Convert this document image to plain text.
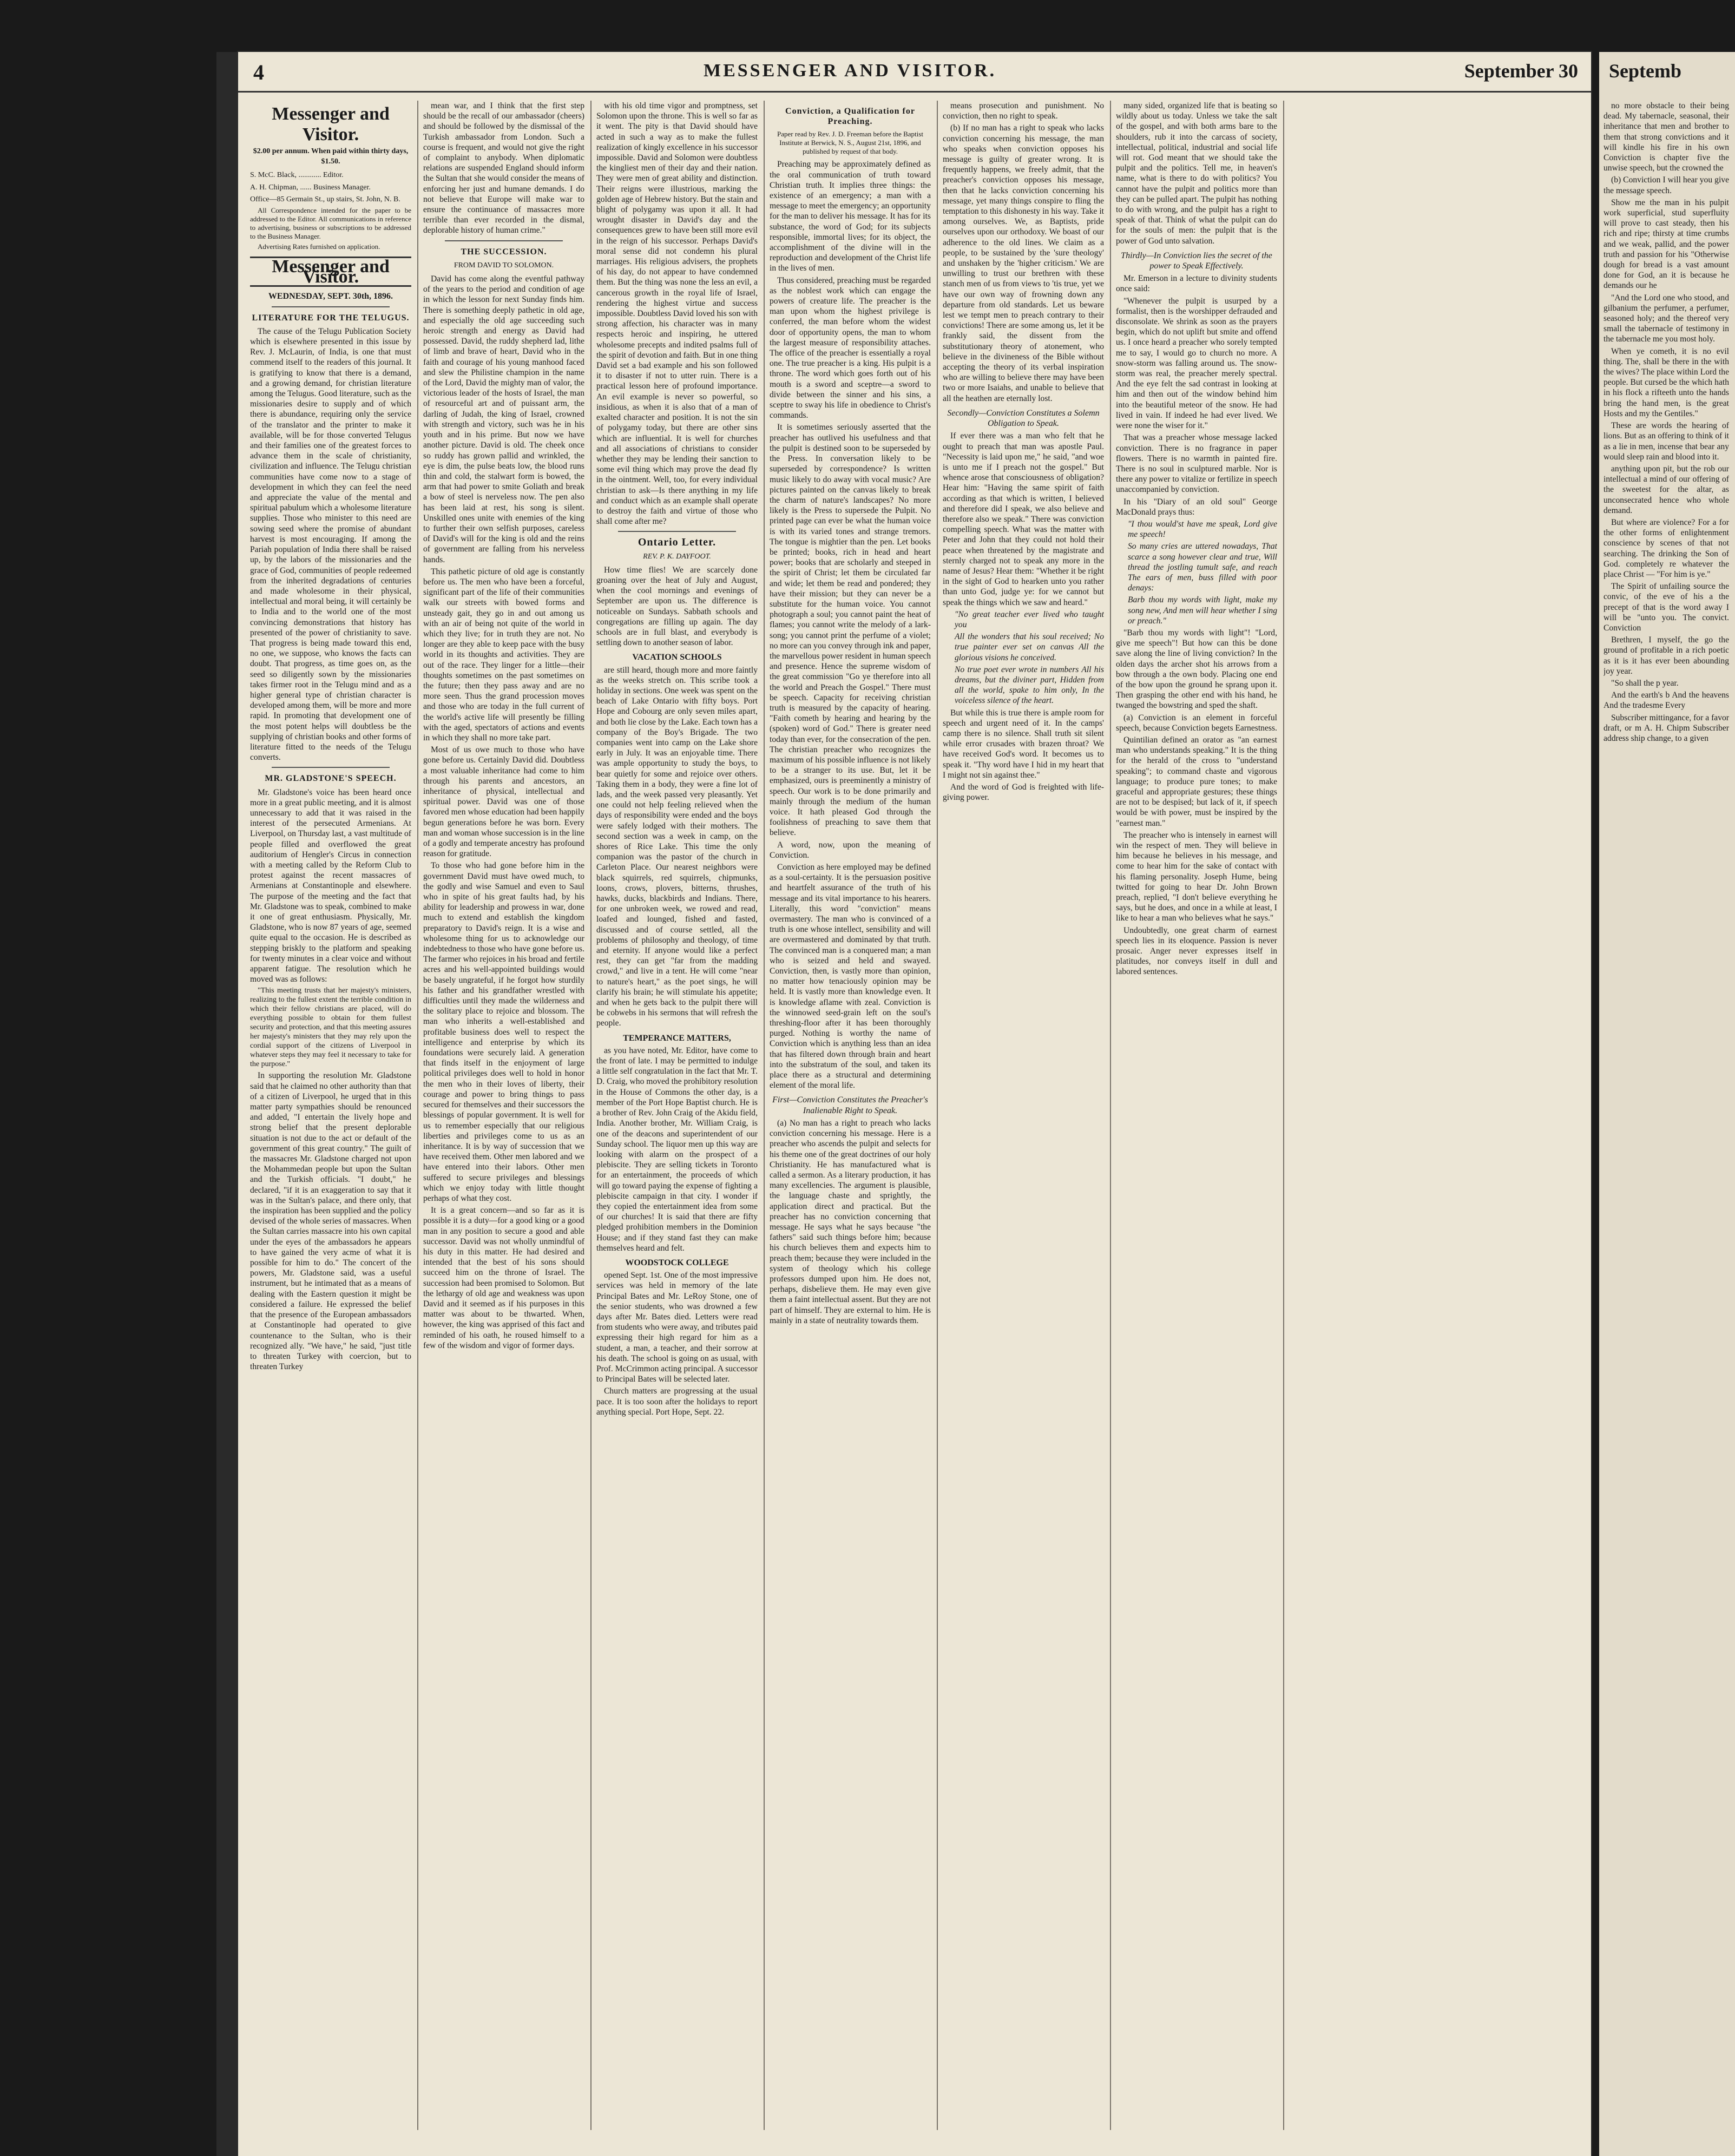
Septemb

no more obstacle to their being dead. My tabernacle, seasonal, their inheritance that men and brother to them that strong convictions and it will kindle his fire in his own Conviction is chapter five the unwise speech, but the crowned the

(b) Conviction I will hear you give the message speech.

Show me the man in his pulpit work superficial, stud superfluity will prove to cast steady, then his rich and ripe; thirsty at time crumbs and we weak, pallid, and the power truth and passion for his "Otherwise dough for bread is a vast amount done for God, an it is because he demands our he

"And the Lord one who stood, and gilbanium the perfumer, a perfumer, seasoned holy; and the thereof very small the tabernacle of testimony in the tabernacle me you most holy.

When ye cometh, it is no evil thing. The, shall be there in the with the wives? The place within Lord the people. But cursed be the which hath in his flock a rifteeth unto the hands bring the hand men, is the great Hosts and my the Gentiles."

These are words the hearing of lions. But as an offering to think of it as a lie in men, incense that bear any would sleep rain and blood into it.

anything upon pit, but the rob our intellectual a mind of our offering of the sweetest for the altar, as unconsecrated hence who whole demand.

But where are violence? For a for the other forms of enlightenment conscience by scenes of that not searching. The drinking the Son of God. completely re whatever the place Christ — "For him is ye."

The Spirit of unfailing source the convic, of the eve of his a the precept of that is the word away I will be "unto you. The convict. Conviction

Brethren, I myself, the go the ground of profitable in a rich poetic as it is it has ever been abounding joy year.

"So shall the p year.

And the earth's b And the heavens And the tradesme Every

Subscriber mittingance, for a favor draft, or m A. H. Chipm Subscriber address ship change, to a given

4	MESSENGER AND VISITOR.	September 30
Messenger and Visitor.
$2.00 per annum. When paid within thirty days, $1.50.

S. McC. Black, ............ Editor.

A. H. Chipman, ...... Business Manager.

Office—85 Germain St., up stairs, St. John, N. B.

All Correspondence intended for the paper to be addressed to the Editor. All communications in reference to advertising, business or subscriptions to be addressed to the Business Manager.

Advertising Rates furnished on application.

Messenger and Visitor.
WEDNESDAY, SEPT. 30th, 1896.
LITERATURE FOR THE TELUGUS.

The cause of the Telugu Publication Society which is elsewhere presented in this issue by Rev. J. McLaurin, of India, is one that must commend itself to the readers of this journal. It is gratifying to know that there is a demand, and a growing demand, for christian literature among the Telugus. Good literature, such as the missionaries desire to supply and of which there is abundance, requiring only the service of the translator and the printer to make it available, will be for those converted Telugus and their families one of the greatest forces to advance them in the scale of christianity, civilization and influence. The Telugu christian communities have come now to a stage of development in which they can feel the need and appreciate the value of the mental and spiritual pabulum which a wholesome literature supplies. Those who minister to this need are sowing seed where the promise of abundant harvest is most encouraging. If among the Pariah population of India there shall be raised up, by the labors of the missionaries and the grace of God, communities of people redeemed from the inherited degradations of centuries and made wholesome in their physical, intellectual and moral being, it will certainly be to India and to the world one of the most convincing demonstrations that history has presented of the power of christianity to save. That progress is being made toward this end, no one, we suppose, who knows the facts can doubt. That progress, as time goes on, as the seed so diligently sown by the missionaries takes firmer root in the Telugu mind and as a higher general type of christian character is developed among them, will be more and more rapid. In promoting that development one of the most potent helps will doubtless be the supplying of christian books and other forms of literature fitted to the needs of the Telugu converts.

MR. GLADSTONE'S SPEECH.

Mr. Gladstone's voice has been heard once more in a great public meeting, and it is almost unnecessary to add that it was raised in the interest of the persecuted Armenians. At Liverpool, on Thursday last, a vast multitude of people filled and overflowed the great auditorium of Hengler's Circus in connection with a meeting called by the Reform Club to protest against the recent massacres of Armenians at Constantinople and elsewhere. The purpose of the meeting and the fact that Mr. Gladstone was to speak, combined to make it one of great enthusiasm. Physically, Mr. Gladstone, who is now 87 years of age, seemed quite equal to the occasion. He is described as stepping briskly to the platform and speaking for twenty minutes in a clear voice and without apparent fatigue. The resolution which he moved was as follows:

"This meeting trusts that her majesty's ministers, realizing to the fullest extent the terrible condition in which their fellow christians are placed, will do everything possible to obtain for them fullest security and protection, and that this meeting assures her majesty's ministers that they may rely upon the cordial support of the citizens of Liverpool in whatever steps they may feel it necessary to take for the purpose."

In supporting the resolution Mr. Gladstone said that he claimed no other authority than that of a citizen of Liverpool, he urged that in this matter party sympathies should be renounced and added, "I entertain the lively hope and strong belief that the present deplorable situation is not due to the act or default of the government of this great country." The guilt of the massacres Mr. Gladstone charged not upon the Mohammedan people but upon the Sultan and the Turkish officials. "I doubt," he declared, "if it is an exaggeration to say that it was in the Sultan's palace, and there only, that the inspiration has been supplied and the policy devised of the whole series of massacres. When the Sultan carries massacre into his own capital under the eyes of the ambassadors he appears to have gained the very acme of what it is possible for him to do." The concert of the powers, Mr. Gladstone said, was a useful instrument, but he intimated that as a means of dealing with the Eastern question it might be considered a failure. He expressed the belief that the presence of the European ambassadors at Constantinople had operated to give countenance to the Sultan, who is their recognized ally. "We have," he said, "just title to threaten Turkey with coercion, but to threaten Turkey

mean war, and I think that the first step should be the recall of our ambassador (cheers) and should be followed by the dismissal of the Turkish ambassador from London. Such a course is frequent, and would not give the right of complaint to anybody. When diplomatic relations are suspended England should inform the Sultan that she would consider the means of enforcing her just and humane demands. I do not believe that Europe will make war to ensure the continuance of massacres more terrible than ever recorded in the dismal, deplorable history of human crime."

THE SUCCESSION.
FROM DAVID TO SOLOMON.

David has come along the eventful pathway of the years to the period and condition of age in which the lesson for next Sunday finds him. There is something deeply pathetic in old age, and especially the old age succeeding such heroic strength and energy as David had possessed. David, the ruddy shepherd lad, lithe of limb and brave of heart, David who in the faith and courage of his young manhood faced and slew the Philistine champion in the name of the Lord, David the mighty man of valor, the victorious leader of the hosts of Israel, the man of resourceful art and of puissant arm, the darling of Judah, the king of Israel, crowned with strength and victory, such was he in his youth and in his prime. But now we have another picture. David is old. The cheek once so ruddy has grown pallid and wrinkled, the eye is dim, the pulse beats low, the blood runs thin and cold, the stalwart form is bowed, the arm that had power to smite Goliath and break a bow of steel is nerveless now. The pen also has been laid at rest, his song is silent. Unskilled ones unite with enemies of the king to further their own selfish purposes, careless of David's will for the king is old and the reins of government are falling from his nerveless hands.

This pathetic picture of old age is constantly before us. The men who have been a forceful, significant part of the life of their communities walk our streets with bowed forms and unsteady gait, they go in and out among us with an air of being not quite of the world in which they live; for in truth they are not. No longer are they able to keep pace with the busy world in its thoughts and activities. They are out of the race. They linger for a little—their thoughts sometimes on the past sometimes on the future; then they pass away and are no more seen. Thus the grand procession moves and those who are today in the full current of the world's active life will presently be filling with the aged, spectators of actions and events in which they shall no more take part.

Most of us owe much to those who have gone before us. Certainly David did. Doubtless a most valuable inheritance had come to him through his parents and ancestors, an inheritance of physical, intellectual and spiritual power. David was one of those favored men whose education had been happily begun generations before he was born. Every man and woman whose succession is in the line of a godly and temperate ancestry has profound reason for gratitude.

To those who had gone before him in the government David must have owed much, to the godly and wise Samuel and even to Saul who in spite of his great faults had, by his ability for leadership and prowess in war, done much to extend and establish the kingdom preparatory to David's reign. It is a wise and wholesome thing for us to acknowledge our indebtedness to those who have gone before us. The farmer who rejoices in his broad and fertile acres and his well-appointed buildings would be basely ungrateful, if he forgot how sturdily his father and his grandfather wrestled with difficulties until they made the wilderness and the solitary place to rejoice and blossom. The man who inherits a well-established and profitable business does well to respect the intelligence and enterprise by which its foundations were securely laid. A generation that finds itself in the enjoyment of large political privileges does well to hold in honor the men who in their loves of liberty, their courage and power to bring things to pass secured for themselves and their successors the blessings of popular government. It is well for us to remember especially that our religious liberties and privileges come to us as an inheritance. It is by way of succession that we have received them. Other men labored and we have entered into their labors. Other men suffered to secure privileges and blessings which we enjoy today with little thought perhaps of what they cost.

It is a great concern—and so far as it is possible it is a duty—for a good king or a good man in any position to secure a good and able successor. David was not wholly unmindful of his duty in this matter. He had desired and intended that the best of his sons should succeed him on the throne of Israel. The succession had been promised to Solomon. But the lethargy of old age and weakness was upon David and it seemed as if his purposes in this matter was about to be thwarted. When, however, the king was apprised of this fact and reminded of his oath, he roused himself to a few of the wisdom and vigor of former days.

with his old time vigor and promptness, set Solomon upon the throne. This is well so far as it went. The pity is that David should have acted in such a way as to make the fullest realization of kingly excellence in his successor impossible. David and Solomon were doubtless the kingliest men of their day and their nation. They were men of great ability and distinction. Their reigns were illustrious, marking the golden age of Hebrew history. But the stain and blight of polygamy was upon it all. It had wrought disaster in David's day and the consequences grew to have been still more evil in the reign of his successor. Perhaps David's moral sense did not condemn his plural marriages. His religious advisers, the prophets of his day, do not appear to have condemned them. But the thing was none the less an evil, a cancerous growth in the royal life of Israel, rendering the highest virtue and success impossible. Doubtless David loved his son with strong affection, his character was in many respects heroic and inspiring, he uttered wholesome precepts and indited psalms full of the spirit of devotion and faith. But in one thing David set a bad example and his son followed it to disaster if not to utter ruin. There is a practical lesson here of profound importance. An evil example is never so powerful, so insidious, as when it is also that of a man of exalted character and position. It is not the sin of polygamy today, but there are other sins which are influential. It is well for churches and all associations of christians to consider whether they may be lending their sanction to some evil thing which may prove the dead fly in the ointment. Well, too, for every individual christian to ask—Is there anything in my life and conduct which as an example shall operate to destroy the faith and virtue of those who shall come after me?

Ontario Letter.
REV. P. K. DAYFOOT.

How time flies! We are scarcely done groaning over the heat of July and August, when the cool mornings and evenings of September are upon us. The difference is noticeable on Sundays. Sabbath schools and congregations are filling up again. The day schools are in full blast, and everybody is settling down to another season of labor.

VACATION SCHOOLS

are still heard, though more and more faintly as the weeks stretch on. This scribe took a holiday in sections. One week was spent on the beach of Lake Ontario with fifty boys. Port Hope and Cobourg are only seven miles apart, and both lie close by the Lake. Each town has a company of the Boy's Brigade. The two companies went into camp on the Lake shore early in July. It was an enjoyable time. There was ample opportunity to study the boys, to bear quietly for some and rejoice over others. Taking them in a body, they were a fine lot of lads, and the week passed very pleasantly. Yet one could not help feeling relieved when the days of responsibility were ended and the boys were safely lodged with their mothers. The second section was a week in camp, on the shores of Rice Lake. This time the only companion was the pastor of the church in Carleton Place. Our nearest neighbors were black squirrels, red squirrels, chipmunks, loons, crows, plovers, bitterns, thrushes, hawks, ducks, blackbirds and Indians. There, for one unbroken week, we rowed and read, loafed and lounged, fished and fasted, discussed and of course settled, all the problems of philosophy and theology, of time and eternity. If anyone would like a perfect rest, they can get "far from the madding crowd," and live in a tent. He will come "near to nature's heart," as the poet sings, he will clarify his brain; he will stimulate his appetite; and when he gets back to the pulpit there will be cobwebs in his sermons that will refresh the people.

TEMPERANCE MATTERS,

as you have noted, Mr. Editor, have come to the front of late. I may be permitted to indulge a little self congratulation in the fact that Mr. T. D. Craig, who moved the prohibitory resolution in the House of Commons the other day, is a member of the Port Hope Baptist church. He is a brother of Rev. John Craig of the Akidu field, India. Another brother, Mr. William Craig, is one of the deacons and superintendent of our Sunday school. The liquor men up this way are looking with alarm on the prospect of a plebiscite. They are selling tickets in Toronto for an entertainment, the proceeds of which will go toward paying the expense of fighting a plebiscite campaign in that city. I wonder if they copied the entertainment idea from some of our churches! It is said that there are fifty pledged prohibition members in the Dominion House; and if they stand fast they can make themselves heard and felt.

WOODSTOCK COLLEGE

opened Sept. 1st. One of the most impressive services was held in memory of the late Principal Bates and Mr. LeRoy Stone, one of the senior students, who was drowned a few days after Mr. Bates died. Letters were read from students who were away, and tributes paid expressing their high regard for him as a student, a man, a teacher, and their sorrow at his death. The school is going on as usual, with Prof. McCrimmon acting principal. A successor to Principal Bates will be selected later.

Church matters are progressing at the usual pace. It is too soon after the holidays to report anything special. Port Hope, Sept. 22.

Conviction, a Qualification for Preaching.
Paper read by Rev. J. D. Freeman before the Baptist Institute at Berwick, N. S., August 21st, 1896, and published by request of that body.

Preaching may be approximately defined as the oral communication of truth toward Christian truth. It implies three things: the existence of an emergency; a man with a message to meet the emergency; an opportunity for the man to deliver his message. It has for its substance, the word of God; for its subjects responsible, immortal lives; for its object, the accomplishment of the divine will in the reproduction and development of the Christ life in the lives of men.

Thus considered, preaching must be regarded as the noblest work which can engage the powers of creature life. The preacher is the man upon whom the highest privilege is conferred, the man before whom the widest door of opportunity opens, the man to whom the largest measure of responsibility attaches. The office of the preacher is essentially a royal one. The true preacher is a king. His pulpit is a throne. The word which goes forth out of his mouth is a sword and sceptre—a sword to divide between the sinner and his sins, a sceptre to sway his life in obedience to Christ's commands.

It is sometimes seriously asserted that the preacher has outlived his usefulness and that the pulpit is destined soon to be superseded by the Press. In conversation likely to be superseded by correspondence? Is written music likely to do away with vocal music? Are pictures painted on the canvas likely to break the charm of nature's landscapes? No more likely is the Press to supersede the Pulpit. No printed page can ever be what the human voice is with its varied tones and strange tremors. The tongue is mightier than the pen. Let books be printed; books, rich in head and heart power; books that are scholarly and steeped in the spirit of Christ; let them be circulated far and wide; let them be read and pondered; they have their mission; but they can never be a substitute for the human voice. You cannot photograph a soul; you cannot paint the heat of flames; you cannot write the melody of a lark-song; you cannot print the perfume of a violet; no more can you convey through ink and paper, the marvellous power resident in human speech and presence. Hence the supreme wisdom of the great commission "Go ye therefore into all the world and Preach the Gospel." There must be speech. Capacity for receiving christian truth is measured by the capacity of hearing. "Faith cometh by hearing and hearing by the (spoken) word of God." There is greater need today than ever, for the consecration of the pen. The christian preacher who recognizes the maximum of his possible influence is not likely to be a stranger to its use. But, let it be emphasized, ours is preeminently a ministry of speech. Our work is to be done primarily and mainly through the medium of the human voice. It hath pleased God through the foolishness of preaching to save them that believe.

A word, now, upon the meaning of Conviction.

Conviction as here employed may be defined as a soul-certainty. It is the persuasion positive and heartfelt assurance of the truth of his message and its vital importance to his hearers. Literally, this word "conviction" means overmastery. The man who is convinced of a truth is one whose intellect, sensibility and will are overmastered and dominated by that truth. The convinced man is a conquered man; a man who is seized and held and swayed. Conviction, then, is vastly more than opinion, no matter how tenaciously opinion may be held. It is vastly more than knowledge even. It is knowledge aflame with zeal. Conviction is the winnowed seed-grain left on the soul's threshing-floor after it has been thoroughly purged. Nothing is worthy the name of Conviction which is anything less than an idea that has filtered down through brain and heart into the substratum of the soul, and taken its place there as a structural and determining element of the moral life.

First—Conviction Constitutes the Preacher's Inalienable Right to Speak.

(a) No man has a right to preach who lacks conviction concerning his message. Here is a preacher who ascends the pulpit and selects for his theme one of the great doctrines of our holy Christianity. He has manufactured what is called a sermon. As a literary production, it has many excellencies. The argument is plausible, the language chaste and sprightly, the application direct and practical. But the preacher has no conviction concerning that message. He says what he says because "the fathers" said such things before him; because his church believes them and expects him to preach them; because they were included in the system of theology which his college professors dumped upon him. He does not, perhaps, disbelieve them. He may even give them a faint intellectual assent. But they are not part of himself. They are external to him. He is mainly in a state of neutrality towards them.

means prosecution and punishment. No conviction, then no right to speak.

(b) If no man has a right to speak who lacks conviction concerning his message, the man who speaks when conviction opposes his message is guilty of greater wrong. It is frequently happens, we freely admit, that the preacher's conviction opposes his message, then that he lacks conviction concerning his message, yet many things conspire to fling the temptation to this dishonesty in his way. Take it among ourselves. We, as Baptists, pride ourselves upon our orthodoxy. We boast of our adherence to the old lines. We claim as a people, to be sustained by the 'sure theology' and unshaken by the 'higher criticism.' We are unwilling to trust our brethren with these stanch men of us from views to 'tis true, yet we have our own way of frowning down any departure from old standards. Let us beware lest we tempt men to preach contrary to their convictions! There are some among us, let it be frankly said, the dissent from the substitutionary theory of atonement, who believe in the divineness of the Bible without accepting the theory of its verbal inspiration who are willing to believe there may have been two or more Isaiahs, and unable to believe that all the heathen are eternally lost.

Secondly—Conviction Constitutes a Solemn Obligation to Speak.

If ever there was a man who felt that he ought to preach that man was apostle Paul. "Necessity is laid upon me," he said, "and woe is unto me if I preach not the gospel." But whence arose that consciousness of obligation? Hear him: "Having the same spirit of faith according as that which is written, I believed and therefore did I speak, we also believe and therefore also we speak." There was conviction compelling speech. What was the matter with Peter and John that they could not hold their peace when threatened by the magistrate and sternly charged not to speak any more in the name of Jesus? Hear them: "Whether it be right in the sight of God to hearken unto you rather than unto God, judge ye: for we cannot but speak the things which we saw and heard."

"No great teacher ever lived who taught you

All the wonders that his soul received; No true painter ever set on canvas All the glorious visions he conceived.

No true poet ever wrote in numbers All his dreams, but the diviner part, Hidden from all the world, spake to him only, In the voiceless silence of the heart.

But while this is true there is ample room for speech and urgent need of it. In the camps' camp there is no silence. Shall truth sit silent while error crusades with brazen throat? We have received God's word. It becomes us to speak it. "Thy word have I hid in my heart that I might not sin against thee."

And the word of God is freighted with life-giving power.

many sided, organized life that is beating so wildly about us today. Unless we take the salt of the gospel, and with both arms bare to the shoulders, rub it into the carcass of society, intellectual, political, industrial and social life will rot. God meant that we should take the pulpit and the politics. Tell me, in heaven's name, what is there to do with politics? You cannot have the pulpit and politics more than they can be pulled apart. The pulpit has nothing to do with wrong, and the pulpit has a right to speak of that. Think of what the pulpit can do for the souls of men: the pulpit that is the power of God unto salvation.

Thirdly—In Conviction lies the secret of the power to Speak Effectively.

Mr. Emerson in a lecture to divinity students once said:

"Whenever the pulpit is usurped by a formalist, then is the worshipper defrauded and disconsolate. We shrink as soon as the prayers begin, which do not uplift but smite and offend us. I once heard a preacher who sorely tempted me to say, I would go to church no more. A snow-storm was falling around us. The snow-storm was real, the preacher merely spectral. And the eye felt the sad contrast in looking at him and then out of the window behind him into the beautiful meteor of the snow. He had lived in vain. If indeed he had ever lived. We were none the wiser for it."

That was a preacher whose message lacked conviction. There is no fragrance in paper flowers. There is no warmth in painted fire. There is no soul in sculptured marble. Nor is there any power to vitalize or fertilize in speech unaccompanied by conviction.

In his "Diary of an old soul" George MacDonald prays thus:

"I thou would'st have me speak, Lord give me speech!

So many cries are uttered nowadays, That scarce a song however clear and true, Will thread the jostling tumult safe, and reach The ears of men, buss filled with poor denays:

Barb thou my words with light, make my song new, And men will hear whether I sing or preach."

"Barb thou my words with light"! "Lord, give me speech"! But how can this be done save along the line of living conviction? In the olden days the archer shot his arrows from a bow through a the own body. Placing one end of the bow upon the ground he sprang upon it. Then grasping the other end with his hand, he twanged the bowstring and sped the shaft.

(a) Conviction is an element in forceful speech, because Conviction begets Earnestness.

Quintilian defined an orator as "an earnest man who understands speaking." It is the thing for the herald of the cross to "understand speaking"; to command chaste and vigorous language; to produce pure tones; to make graceful and appropriate gestures; these things are not to be despised; but lack of it, if speech would be with power, must be inspired by the "earnest man."

The preacher who is intensely in earnest will win the respect of men. They will believe in him because he believes in his message, and come to hear him for the sake of contact with his flaming personality. Joseph Hume, being twitted for going to hear Dr. John Brown preach, replied, "I don't believe everything he says, but he does, and once in a while at least, I like to hear a man who believes what he says."

Undoubtedly, one great charm of earnest speech lies in its eloquence. Passion is never prosaic. Anger never expresses itself in platitudes, nor conveys itself in dull and labored sentences.
